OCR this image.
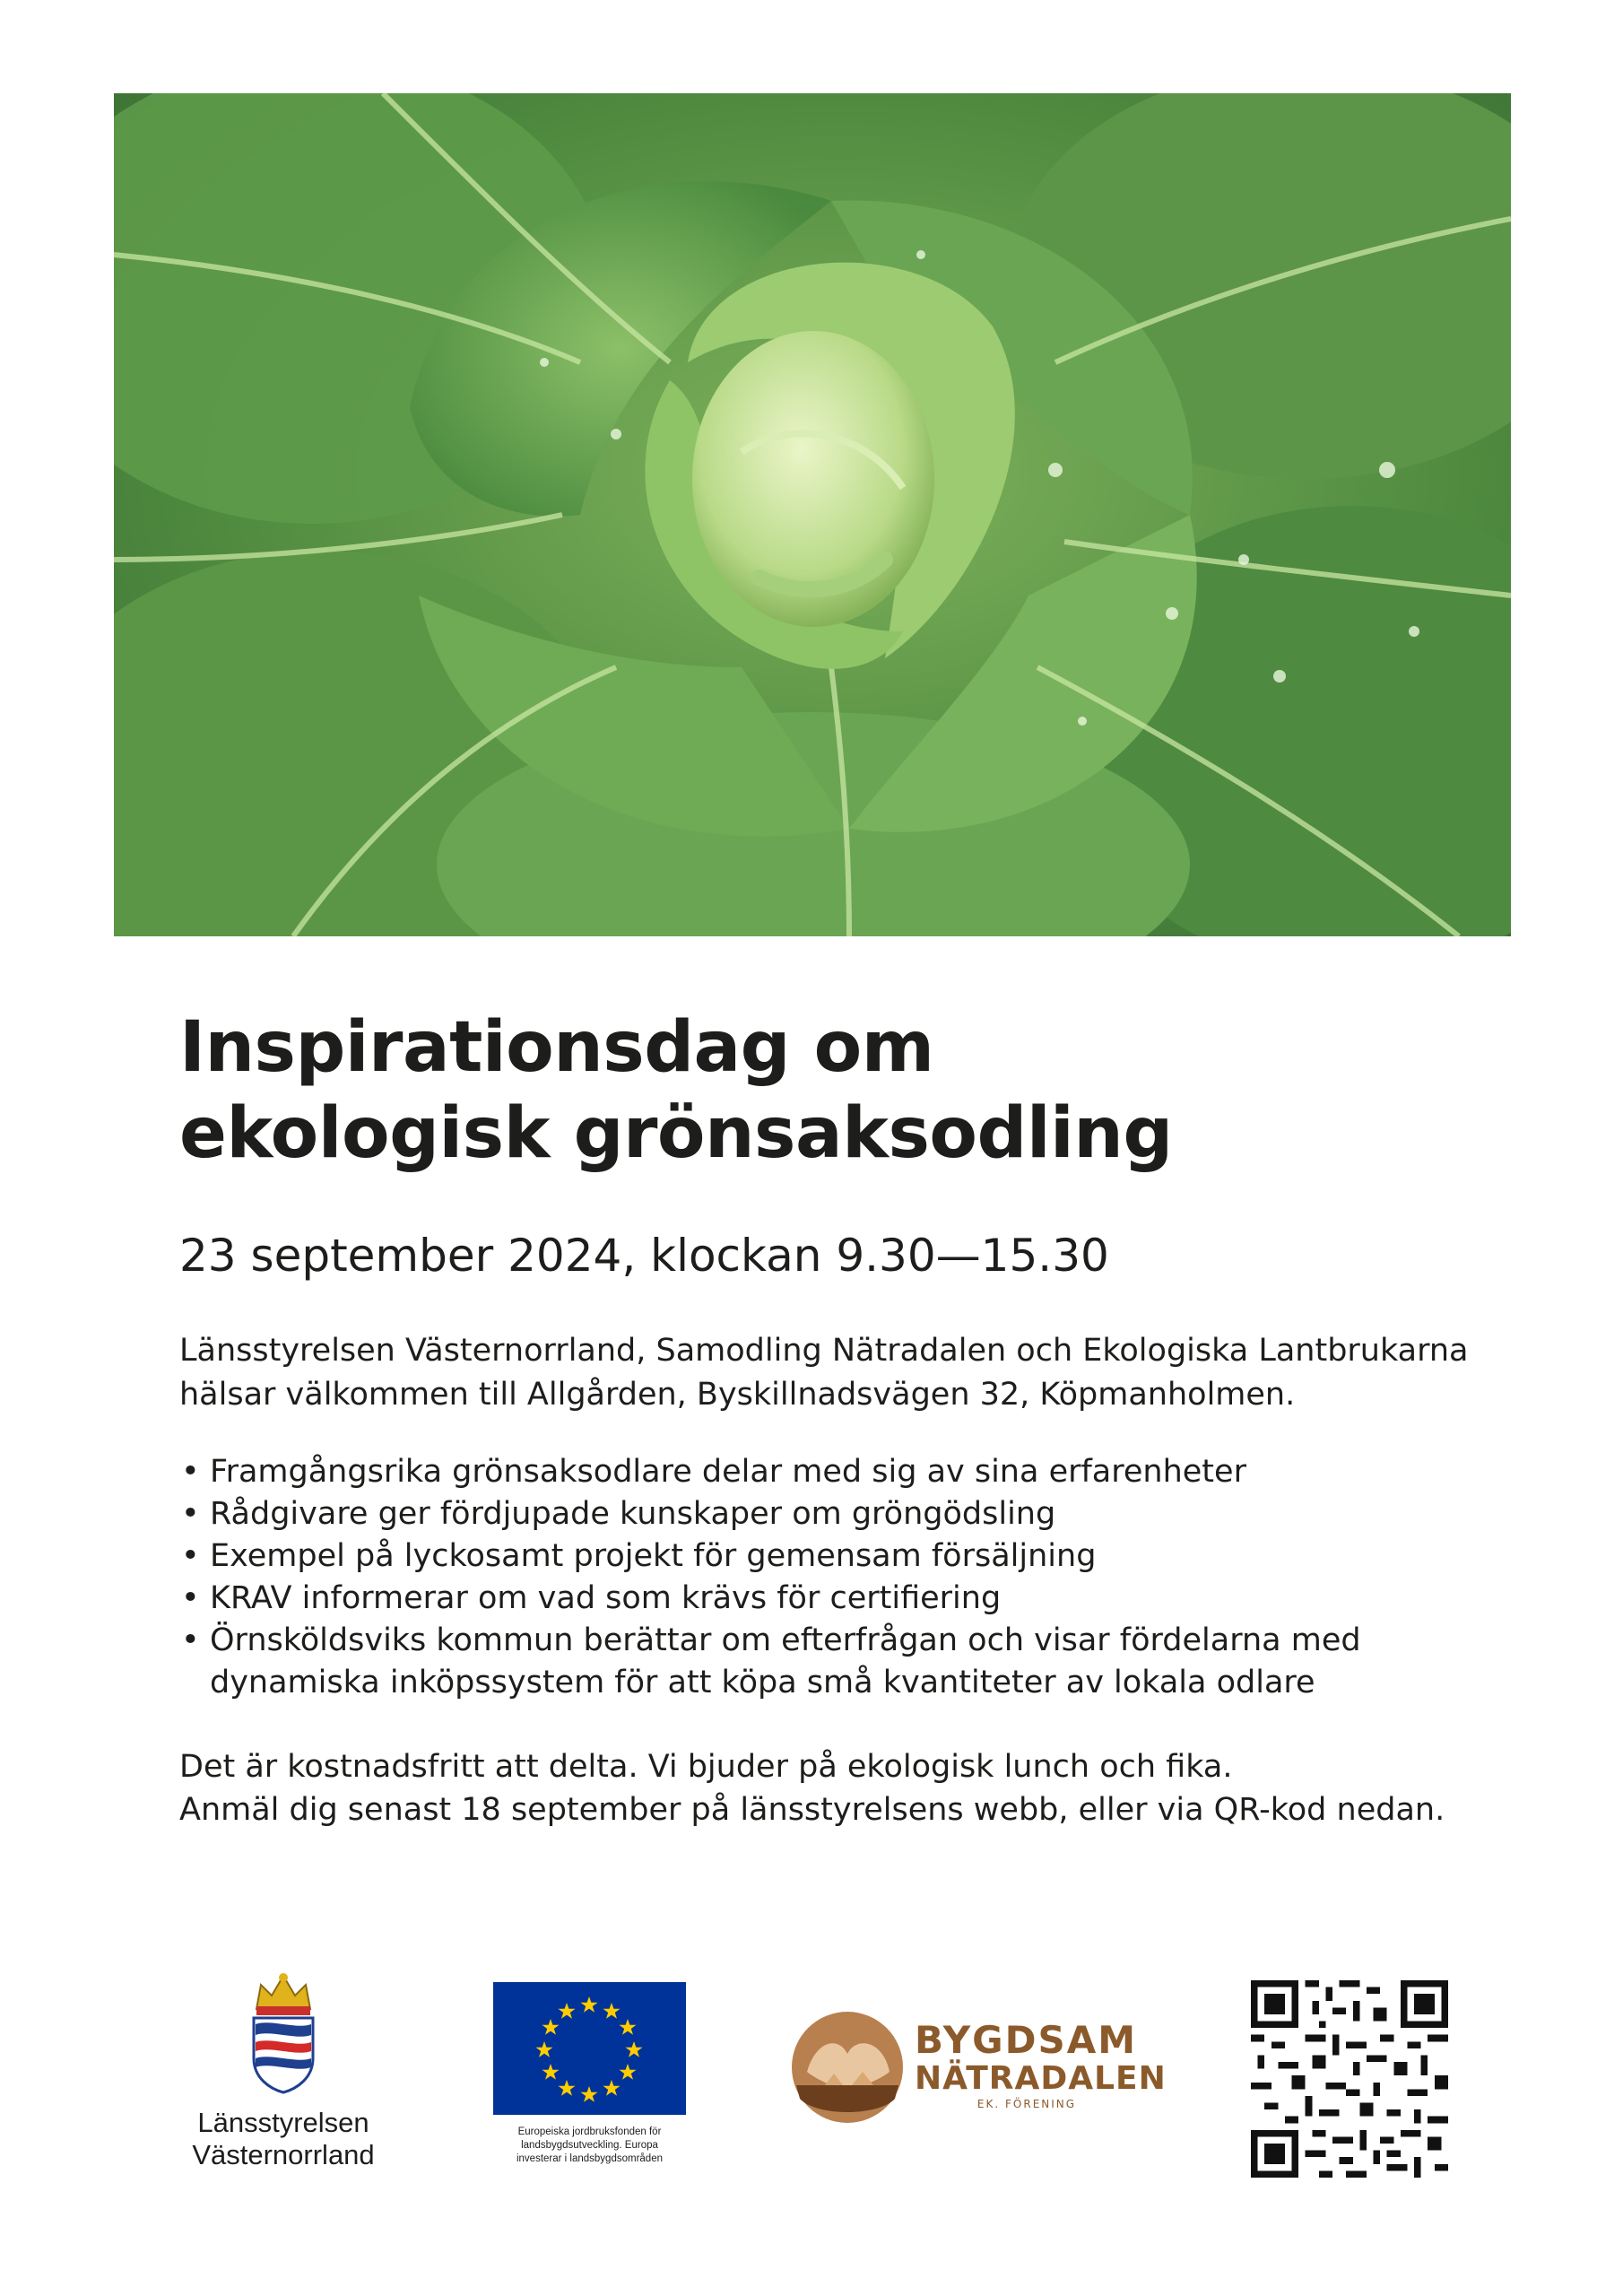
Inspirationsdag om
ekologisk grönsaksodling
23 september 2024, klockan 9.30—15.30
Länsstyrelsen Västernorrland, Samodling Nätradalen och Ekologiska Lantbrukarna
hälsar välkommen till Allgården, Byskillnadsvägen 32, Köpmanholmen.
• Framgångsrika grönsaksodlare delar med sig av sina erfarenheter
• Rådgivare ger fördjupade kunskaper om gröngödsling
• Exempel på lyckosamt projekt för gemensam försäljning
• KRAV informerar om vad som krävs för certifiering
• Örnsköldsviks kommun berättar om efterfrågan och visar fördelarna med dynamiska inköpssystem för att köpa små kvantiteter av lokala odlare
Det är kostnadsfritt att delta. Vi bjuder på ekologisk lunch och fika.
Anmäl dig senast 18 september på länsstyrelsens webb, eller via QR-kod nedan.
Länsstyrelsen
Västernorrland
Europeiska jordbruksfonden för
landsbygdsutveckling. Europa
investerar i landsbygdsområden
BYGDSAM
NÄTRADALEN
EK. FÖRENING
